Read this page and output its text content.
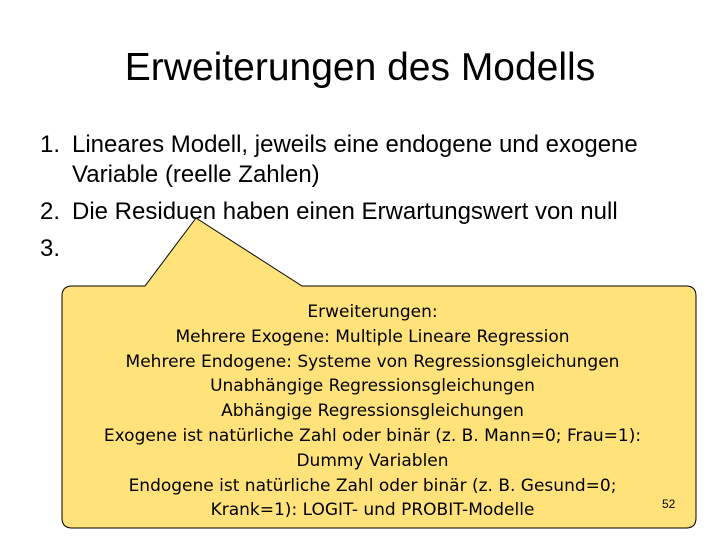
Erweiterungen des Modells
1. Lineares Modell, jeweils eine endogene und exogene Variable (reelle Zahlen)
2. Die Residuen haben einen Erwartungswert von null
3.
Erweiterungen:
Mehrere Exogene: Multiple Lineare Regression
Mehrere Endogene: Systeme von Regressionsgleichungen
Unabhängige Regressionsgleichungen
Abhängige Regressionsgleichungen
Exogene ist natürliche Zahl oder binär (z. B. Mann=0; Frau=1):
Dummy Variablen
Endogene ist natürliche Zahl oder binär (z. B. Gesund=0;
Krank=1): LOGIT- und PROBIT-Modelle	52
